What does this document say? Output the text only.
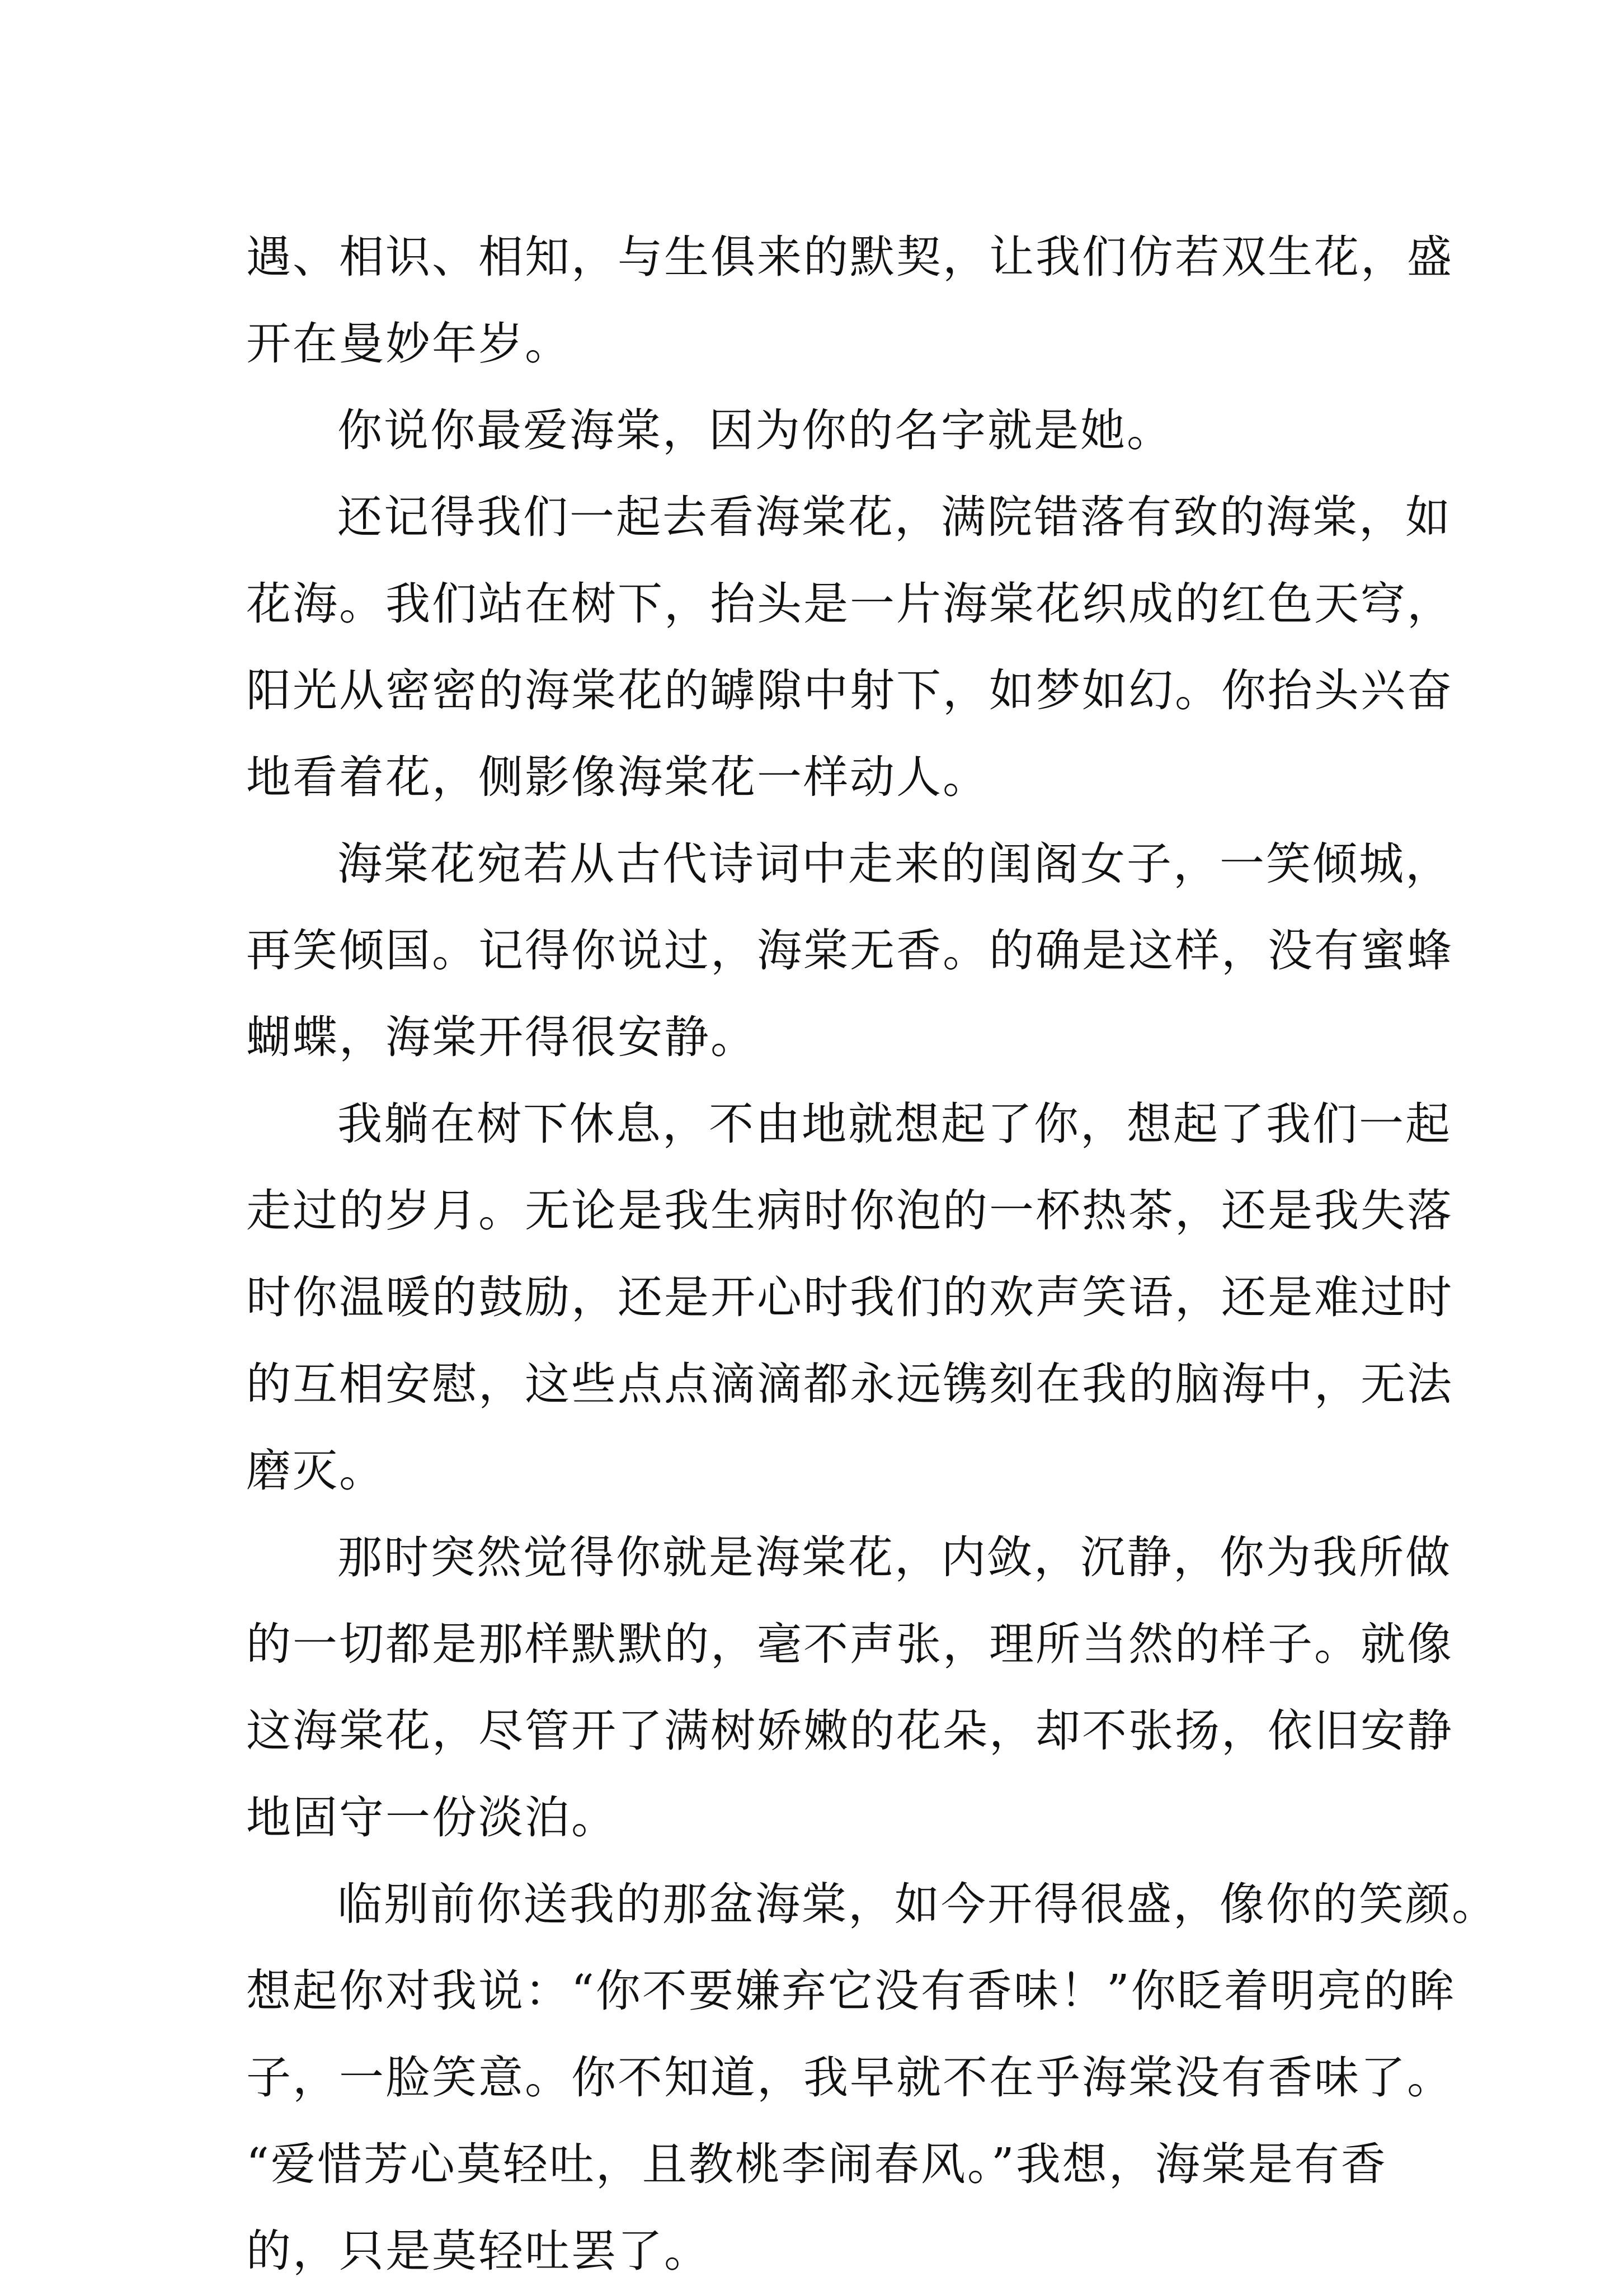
遇、相识、相知，与生俱来的默契，让我们仿若双生花，盛
开在曼妙年岁。
你说你最爱海棠，因为你的名字就是她。
还记得我们一起去看海棠花，满院错落有致的海棠，如
花海。我们站在树下，抬头是一片海棠花织成的红色天穹，
阳光从密密的海棠花的罅隙中射下，如梦如幻。你抬头兴奋
地看着花，侧影像海棠花一样动人。
海棠花宛若从古代诗词中走来的闺阁女子，一笑倾城，
再笑倾国。记得你说过，海棠无香。的确是这样，没有蜜蜂
蝴蝶，海棠开得很安静。
我躺在树下休息，不由地就想起了你，想起了我们一起
走过的岁月。无论是我生病时你泡的一杯热茶，还是我失落
时你温暖的鼓励，还是开心时我们的欢声笑语，还是难过时
的互相安慰，这些点点滴滴都永远镌刻在我的脑海中，无法
磨灭。
那时突然觉得你就是海棠花，内敛，沉静，你为我所做
的一切都是那样默默的，毫不声张，理所当然的样子。就像
这海棠花，尽管开了满树娇嫩的花朵，却不张扬，依旧安静
地固守一份淡泊。
临别前你送我的那盆海棠，如今开得很盛，像你的笑颜。
想起你对我说：“你不要嫌弃它没有香味！”你眨着明亮的眸
子，一脸笑意。你不知道，我早就不在乎海棠没有香味了。
“爱惜芳心莫轻吐，且教桃李闹春风。”我想，海棠是有香
的，只是莫轻吐罢了。
